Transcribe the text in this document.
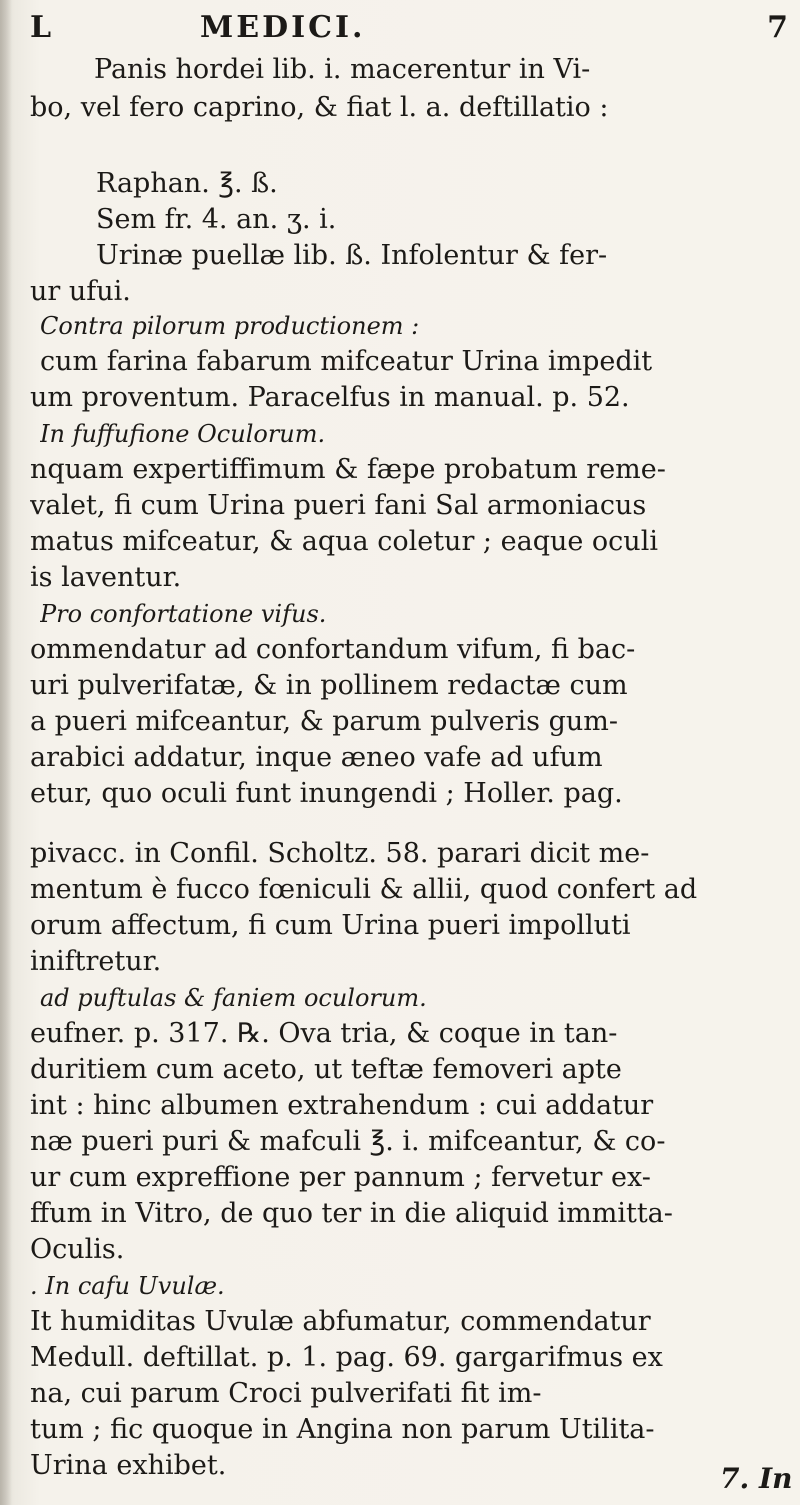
L	MEDICI.	7
Panis hordei lib. i. macerentur in Vi-
bo, vel fero caprino, & fiat l. a. deftillatio :
Raphan. ℥. ß.
Sem fr. 4. an. ʒ. i.
Urinæ puellæ lib. ß. Infolentur & fer-
ur ufui.
Contra pilorum productionem :
cum farina fabarum mifceatur Urina impedit
um proventum. Paracelfus in manual. p. 52.
In fuffufione Oculorum.
nquam expertiffimum & fæpe probatum reme-
valet, fi cum Urina pueri fani Sal armoniacus
matus mifceatur, & aqua coletur ; eaque oculi
is laventur.
Pro confortatione vifus.
ommendatur ad confortandum vifum, fi bac-
uri pulverifatæ, & in pollinem redactæ cum
a pueri mifceantur, & parum pulveris gum-
arabici addatur, inque æneo vafe ad ufum
etur, quo oculi funt inungendi ; Holler. pag.
pivacc. in Confil. Scholtz. 58. parari dicit me-
mentum è fucco fœniculi & allii, quod confert ad
orum affectum, fi cum Urina pueri impolluti
iniftretur.
ad puftulas & faniem oculorum.
eufner. p. 317. ℞. Ova tria, & coque in tan-
duritiem cum aceto, ut teftæ femoveri apte
int : hinc albumen extrahendum : cui addatur
næ pueri puri & mafculi ℥. i. mifceantur, & co-
ur cum expreffione per pannum ; fervetur ex-
ffum in Vitro, de quo ter in die aliquid immitta-
Oculis.
. In cafu Uvulæ.
It humiditas Uvulæ abfumatur, commendatur
Medull. deftillat. p. 1. pag. 69. gargarifmus ex
na, cui parum Croci pulverifati fit im-
tum ; fic quoque in Angina non parum Utilita-
Urina exhibet.	7. In
